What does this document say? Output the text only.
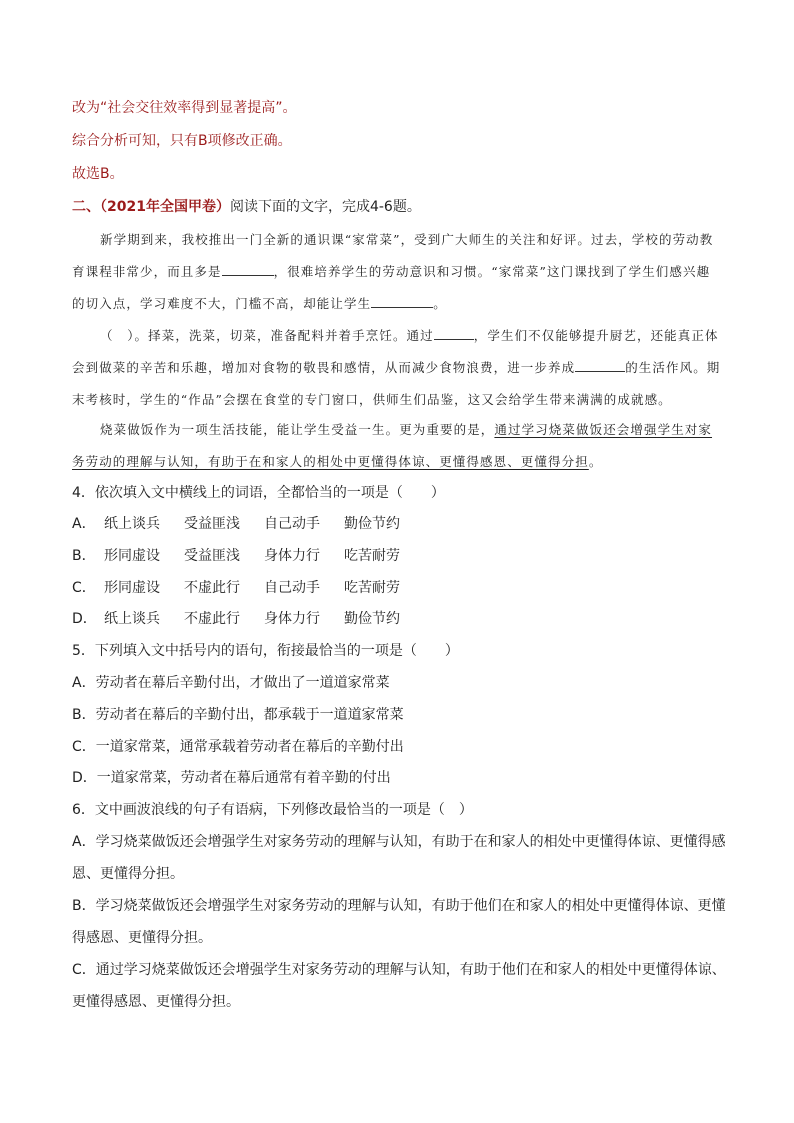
改为“社会交往效率得到显著提高”。
综合分析可知，只有B项修改正确。
故选B。
二、（2021年全国甲卷）阅读下面的文字，完成4-6题。
新学期到来，我校推出一门全新的通识课“家常菜”，受到广大师生的关注和好评。过去，学校的劳动教育课程非常少，而且多是	，很难培养学生的劳动意识和习惯。“家常菜”这门课找到了学生们感兴趣的切入点，学习难度不大，门槛不高，却能让学生	。
（　）。择菜，洗菜，切菜，准备配料并着手烹饪。通过	，学生们不仅能够提升厨艺，还能真正体会到做菜的辛苦和乐趣，增加对食物的敬畏和感情，从而减少食物浪费，进一步养成	的生活作风。期末考核时，学生的“作品”会摆在食堂的专门窗口，供师生们品鉴，这又会给学生带来满满的成就感。
烧菜做饭作为一项生活技能，能让学生受益一生。更为重要的是，通过学习烧菜做饭还会增强学生对家务劳动的理解与认知，有助于在和家人的相处中更懂得体谅、更懂得感恩、更懂得分担。
4．依次填入文中横线上的词语，全都恰当的一项是（　　）
A． 纸上谈兵 受益匪浅 自己动手 勤俭节约
B． 形同虚设 受益匪浅 身体力行 吃苦耐劳
C． 形同虚设 不虚此行 自己动手 吃苦耐劳
D． 纸上谈兵 不虚此行 身体力行 勤俭节约
5．下列填入文中括号内的语句，衔接最恰当的一项是（　　）
A．劳动者在幕后辛勤付出，才做出了一道道家常菜
B．劳动者在幕后的辛勤付出，都承载于一道道家常菜
C．一道家常菜，通常承载着劳动者在幕后的辛勤付出
D．一道家常菜，劳动者在幕后通常有着辛勤的付出
6．文中画波浪线的句子有语病，下列修改最恰当的一项是（　）
A．学习烧菜做饭还会增强学生对家务劳动的理解与认知，有助于在和家人的相处中更懂得体谅、更懂得感
恩、更懂得分担。
B．学习烧菜做饭还会增强学生对家务劳动的理解与认知，有助于他们在和家人的相处中更懂得体谅、更懂
得感恩、更懂得分担。
C．通过学习烧菜做饭还会增强学生对家务劳动的理解与认知，有助于他们在和家人的相处中更懂得体谅、
更懂得感恩、更懂得分担。
